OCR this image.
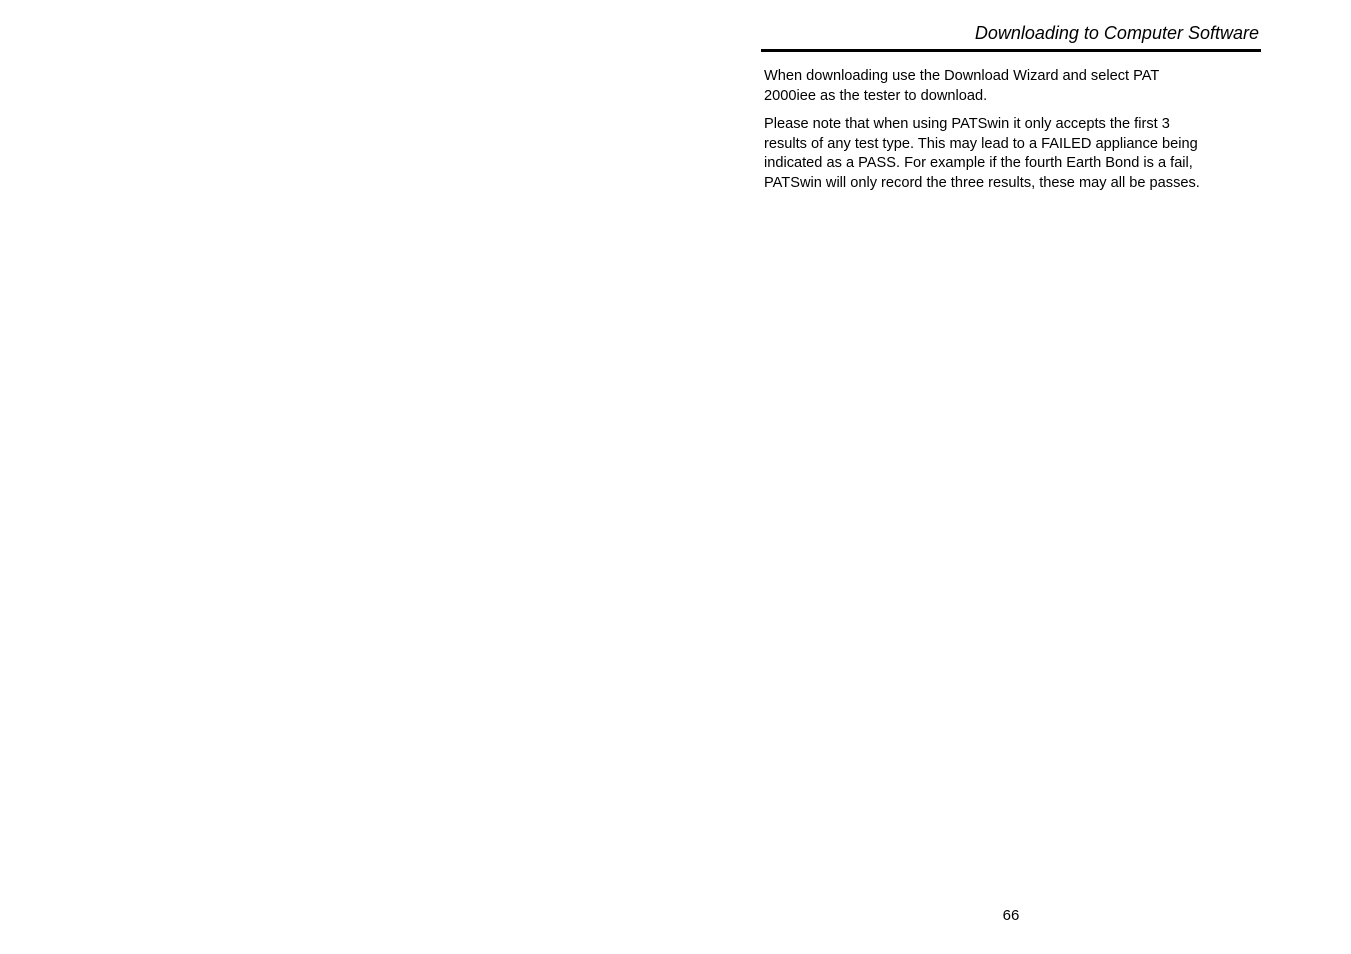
Downloading to Computer Software

When downloading use the Download Wizard and select PAT
2000iee as the tester to download.

Please note that when using PATSwin it only accepts the first 3
results of any test type. This may lead to a FAILED appliance being
indicated as a PASS. For example if the fourth Earth Bond is a fail,
PATSwin will only record the three results, these may all be passes.

66
